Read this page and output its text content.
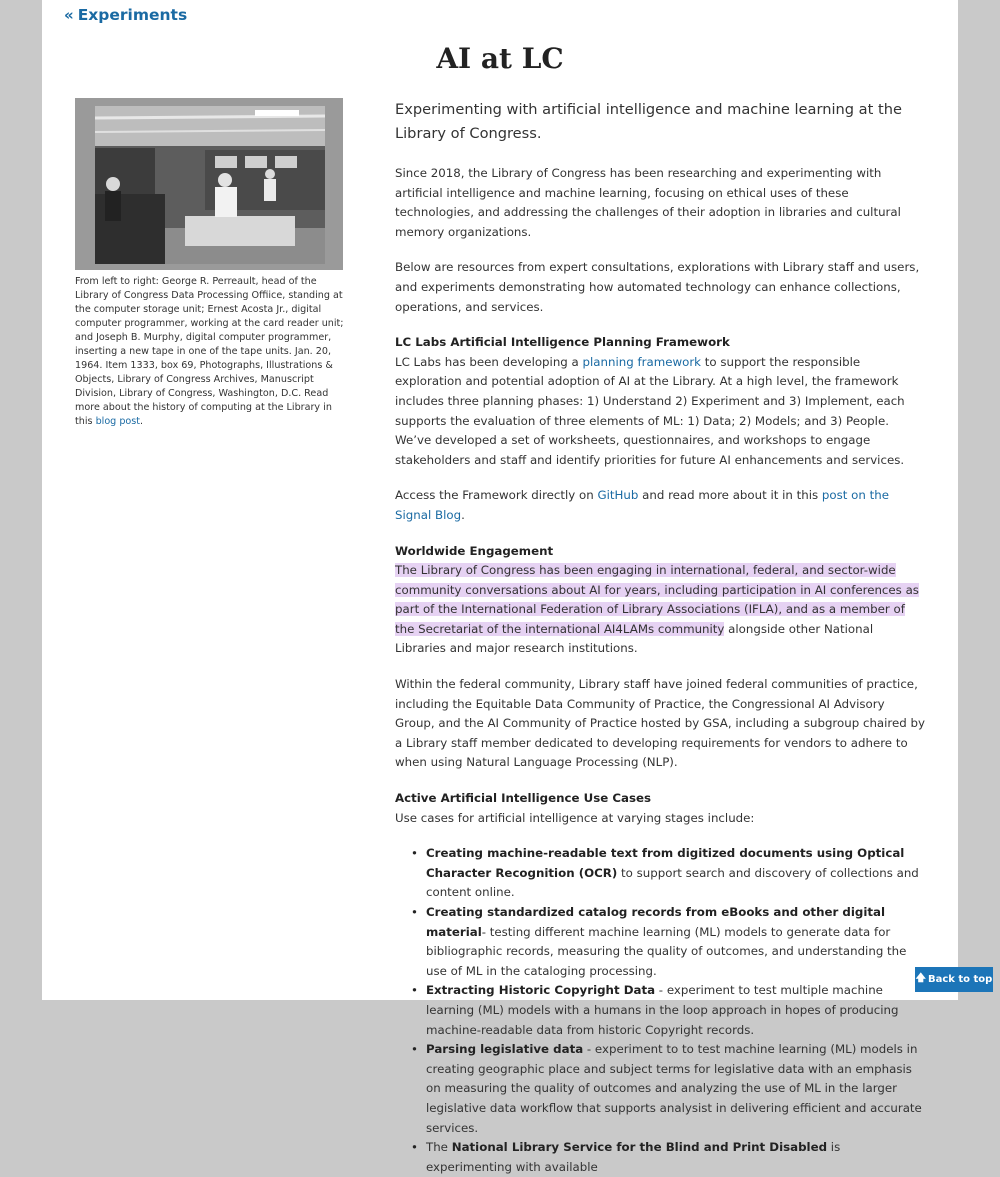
« Experiments
AI at LC
From left to right: George R. Perreault, head of the Library of Congress Data Processing Offiice, standing at the computer storage unit; Ernest Acosta Jr., digital computer programmer, working at the card reader unit; and Joseph B. Murphy, digital computer programmer, inserting a new tape in one of the tape units. Jan. 20, 1964. Item 1333, box 69, Photographs, Illustrations & Objects, Library of Congress Archives, Manuscript Division, Library of Congress, Washington, D.C. Read more about the history of computing at the Library in this blog post.

Experimenting with artificial intelligence and machine learning at the Library of Congress.

Since 2018, the Library of Congress has been researching and experimenting with artificial intelligence and machine learning, focusing on ethical uses of these technologies, and addressing the challenges of their adoption in libraries and cultural memory organizations.

Below are resources from expert consultations, explorations with Library staff and users, and experiments demonstrating how automated technology can enhance collections, operations, and services.

LC Labs Artificial Intelligence Planning Framework

LC Labs has been developing a planning framework to support the responsible exploration and potential adoption of AI at the Library. At a high level, the framework includes three planning phases: 1) Understand 2) Experiment and 3) Implement, each supports the evaluation of three elements of ML: 1) Data; 2) Models; and 3) People. We’ve developed a set of worksheets, questionnaires, and workshops to engage stakeholders and staff and identify priorities for future AI enhancements and services.

Access the Framework directly on GitHub and read more about it in this post on the Signal Blog.

Worldwide Engagement

The Library of Congress has been engaging in international, federal, and sector-wide community conversations about AI for years, including participation in AI conferences as part of the International Federation of Library Associations (IFLA), and as a member of the Secretariat of the international AI4LAMs community alongside other National Libraries and major research institutions.

Within the federal community, Library staff have joined federal communities of practice, including the Equitable Data Community of Practice, the Congressional AI Advisory Group, and the AI Community of Practice hosted by GSA, including a subgroup chaired by a Library staff member dedicated to developing requirements for vendors to adhere to when using Natural Language Processing (NLP).

Active Artificial Intelligence Use Cases

Use cases for artificial intelligence at varying stages include:

• Creating machine-readable text from digitized documents using Optical Character Recognition (OCR) to support search and discovery of collections and content online.
• Creating standardized catalog records from eBooks and other digital material- testing different machine learning (ML) models to generate data for bibliographic records, measuring the quality of outcomes, and understanding the use of ML in the cataloging processing.
• Extracting Historic Copyright Data - experiment to test multiple machine learning (ML) models with a humans in the loop approach in hopes of producing machine-readable data from historic Copyright records.
• Parsing legislative data - experiment to to test machine learning (ML) models in creating geographic place and subject terms for legislative data with an emphasis on measuring the quality of outcomes and analyzing the use of ML in the larger legislative data workflow that supports analysist in delivering efficient and accurate services.
• The National Library Service for the Blind and Print Disabled is experimenting with available
🡅 Back to top
